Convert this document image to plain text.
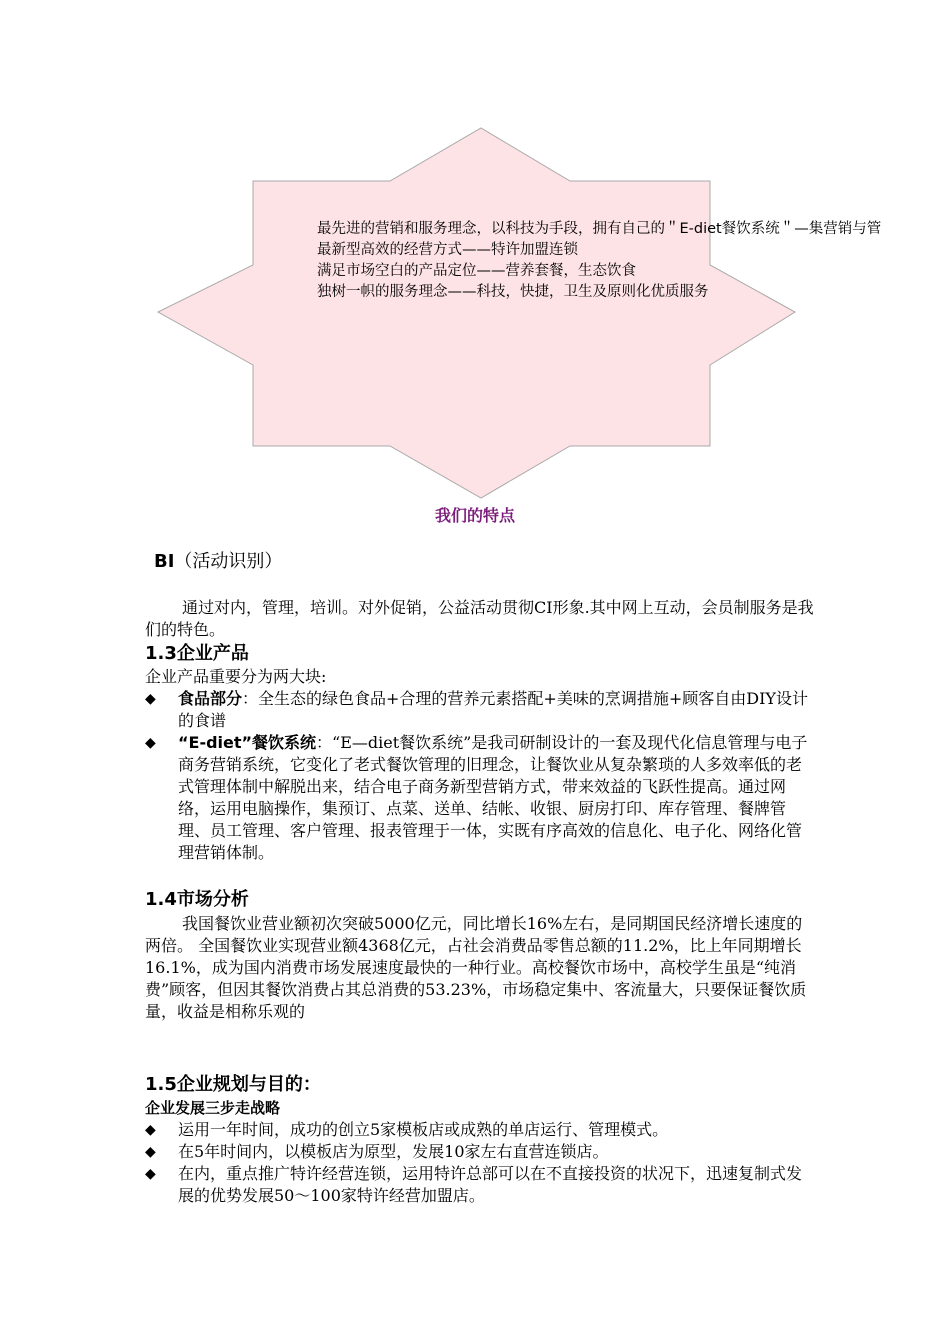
最先进的营销和服务理念，以科技为手段，拥有自己的＂E-diet餐饮系统＂—集营销与管
最新型高效的经营方式——特许加盟连锁
满足市场空白的产品定位——营养套餐，生态饮食
独树一帜的服务理念——科技，快捷，卫生及原则化优质服务
我们的特点
BI（活动识别）
通过对内，管理，培训。对外促销，公益活动贯彻CI形象.其中网上互动，会员制服务是我们的特色。
1.3企业产品
企业产品重要分为两大块:
◆ 食品部分：全生态的绿色食品+合理的营养元素搭配+美味的烹调措施+顾客自由DIY设计的食谱
◆ “E-diet”餐饮系统：“E—diet餐饮系统”是我司研制设计的一套及现代化信息管理与电子商务营销系统，它变化了老式餐饮管理的旧理念，让餐饮业从复杂繁琐的人多效率低的老式管理体制中解脱出来，结合电子商务新型营销方式，带来效益的飞跃性提高。通过网络，运用电脑操作，集预订、点菜、送单、结帐、收银、厨房打印、库存管理、餐牌管理、员工管理、客户管理、报表管理于一体，实既有序高效的信息化、电子化、网络化管理营销体制。
1.4市场分析
我国餐饮业营业额初次突破5000亿元，同比增长16%左右，是同期国民经济增长速度的两倍。 全国餐饮业实现营业额4368亿元，占社会消费品零售总额的11.2%，比上年同期增长16.1%，成为国内消费市场发展速度最快的一种行业。高校餐饮市场中，高校学生虽是“纯消费”顾客，但因其餐饮消费占其总消费的53.23%，市场稳定集中、客流量大，只要保证餐饮质量，收益是相称乐观的
1.5企业规划与目的：
企业发展三步走战略
◆ 运用一年时间，成功的创立5家模板店或成熟的单店运行、管理模式。
◆ 在5年时间内，以模板店为原型，发展10家左右直营连锁店。
◆ 在内，重点推广特许经营连锁，运用特许总部可以在不直接投资的状况下，迅速复制式发展的优势发展50～100家特许经营加盟店。
